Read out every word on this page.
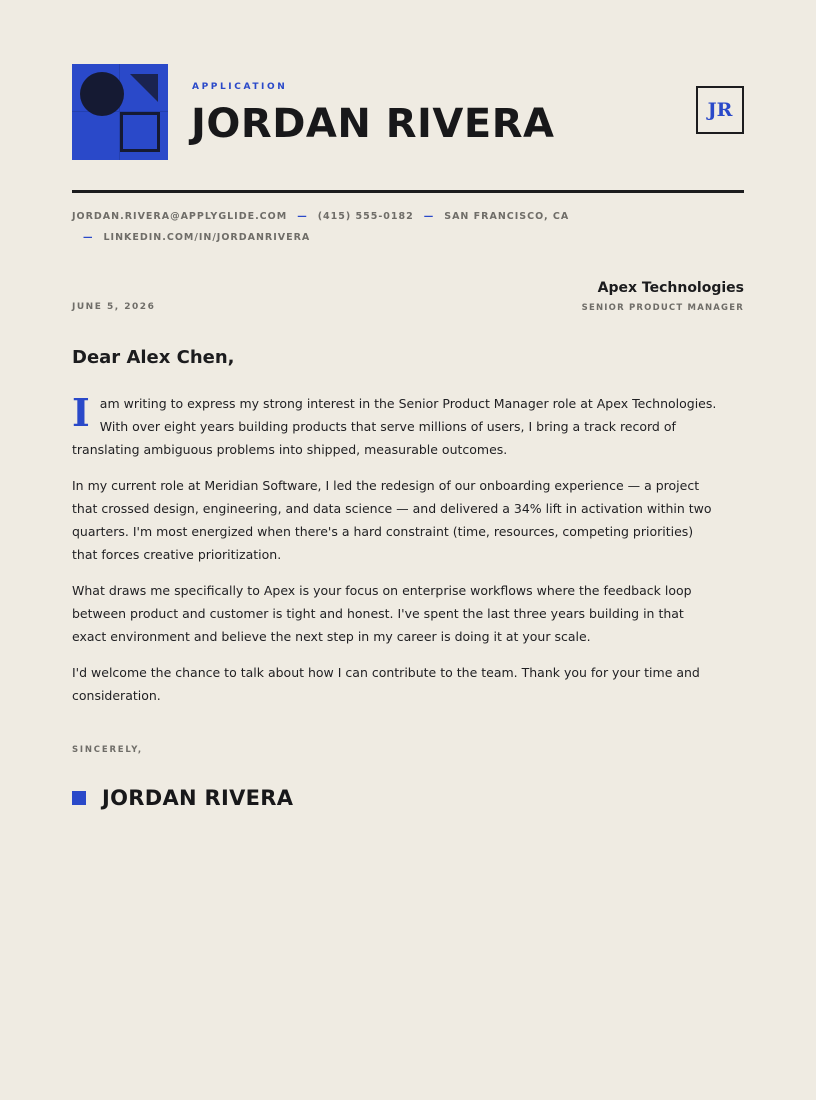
APPLICATION
JORDAN RIVERA	JR
JORDAN.RIVERA@APPLYGLIDE.COM — (415) 555-0182 — SAN FRANCISCO, CA
— LINKEDIN.COM/IN/JORDANRIVERA
Apex Technologies
SENIOR PRODUCT MANAGER
JUNE 5, 2026
Dear Alex Chen,

Iam writing to express my strong interest in the Senior Product Manager role at Apex Technologies. With over eight years building products that serve millions of users, I bring a track record of translating ambiguous problems into shipped, measurable outcomes.

In my current role at Meridian Software, I led the redesign of our onboarding experience — a project that crossed design, engineering, and data science — and delivered a 34% lift in activation within two quarters. I'm most energized when there's a hard constraint (time, resources, competing priorities) that forces creative prioritization.

What draws me specifically to Apex is your focus on enterprise workflows where the feedback loop between product and customer is tight and honest. I've spent the last three years building in that exact environment and believe the next step in my career is doing it at your scale.

I'd welcome the chance to talk about how I can contribute to the team. Thank you for your time and consideration.

SINCERELY,
JORDAN RIVERA
